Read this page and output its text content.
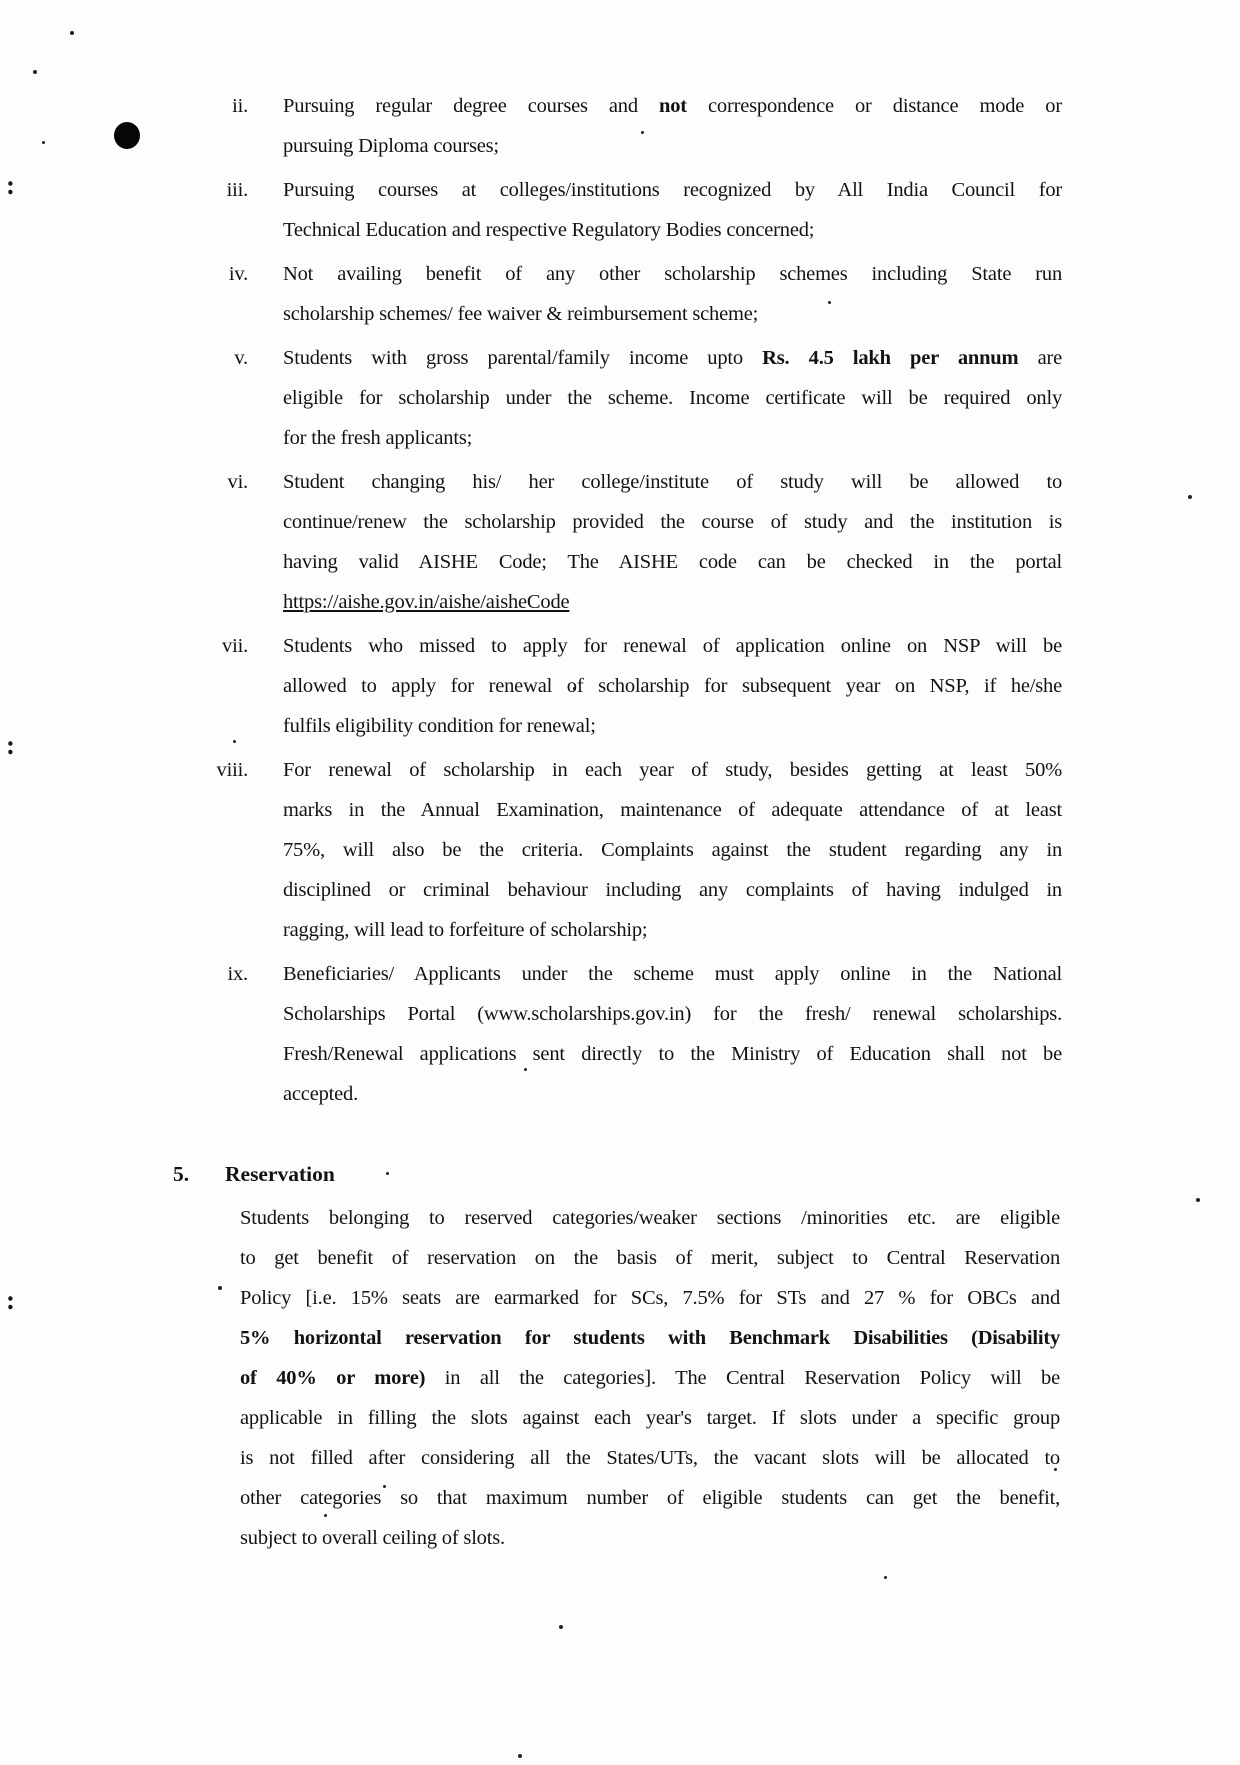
:
:
:
ii. Pursuing regular degree courses and not correspondence or distance mode or
pursuing Diploma courses;
iii. Pursuing courses at colleges/institutions recognized by All India Council for
Technical Education and respective Regulatory Bodies concerned;
iv. Not availing benefit of any other scholarship schemes including State run
scholarship schemes/ fee waiver & reimbursement scheme;
v. Students with gross parental/family income upto Rs. 4.5 lakh per annum are
eligible for scholarship under the scheme. Income certificate will be required only
for the fresh applicants;
vi. Student changing his/ her college/institute of study will be allowed to
continue/renew the scholarship provided the course of study and the institution is
having valid AISHE Code; The AISHE code can be checked in the portal
https://aishe.gov.in/aishe/aisheCode
vii. Students who missed to apply for renewal of application online on NSP will be
allowed to apply for renewal of scholarship for subsequent year on NSP, if he/she
fulfils eligibility condition for renewal;
viii. For renewal of scholarship in each year of study, besides getting at least 50%
marks in the Annual Examination, maintenance of adequate attendance of at least
75%, will also be the criteria. Complaints against the student regarding any in
disciplined or criminal behaviour including any complaints of having indulged in
ragging, will lead to forfeiture of scholarship;
ix. Beneficiaries/ Applicants under the scheme must apply online in the National
Scholarships Portal (www.scholarships.gov.in) for the fresh/ renewal scholarships.
Fresh/Renewal applications sent directly to the Ministry of Education shall not be
accepted.
5. Reservation
Students belonging to reserved categories/weaker sections /minorities etc. are eligible
to get benefit of reservation on the basis of merit, subject to Central Reservation
Policy [i.e. 15% seats are earmarked for SCs, 7.5% for STs and 27 % for OBCs and
5% horizontal reservation for students with Benchmark Disabilities (Disability
of 40% or more) in all the categories]. The Central Reservation Policy will be
applicable in filling the slots against each year's target. If slots under a specific group
is not filled after considering all the States/UTs, the vacant slots will be allocated to
other categories so that maximum number of eligible students can get the benefit,
subject to overall ceiling of slots.
